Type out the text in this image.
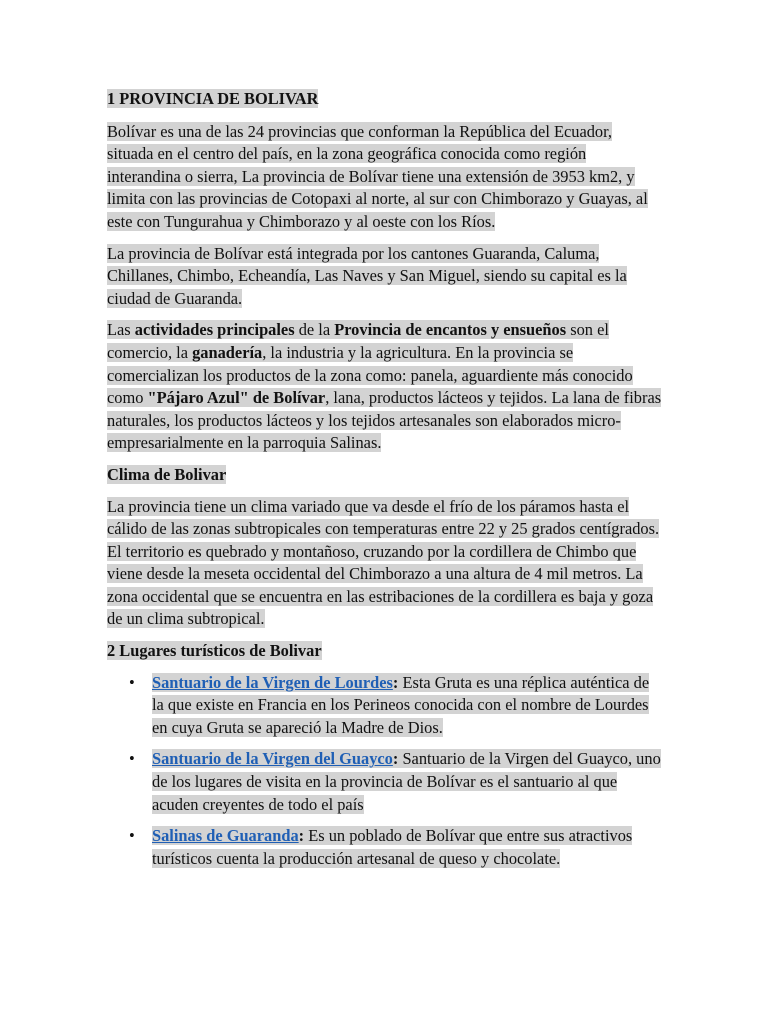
1 PROVINCIA DE BOLIVAR

Bolívar es una de las 24 provincias que conforman la República del Ecuador, situada en el centro del país, en la zona geográfica conocida como región interandina o sierra, La provincia de Bolívar tiene una extensión de 3953 km2, y limita con las provincias de Cotopaxi al norte, al sur con Chimborazo y Guayas, al este con Tungurahua y Chimborazo y al oeste con los Ríos.

La provincia de Bolívar está integrada por los cantones Guaranda, Caluma, Chillanes, Chimbo, Echeandía, Las Naves y San Miguel, siendo su capital es la ciudad de Guaranda.

Las actividades principales de la Provincia de encantos y ensueños son el comercio, la ganadería, la industria y la agricultura. En la provincia se comercializan los productos de la zona como: panela, aguardiente más conocido como "Pájaro Azul" de Bolívar, lana, productos lácteos y tejidos. La lana de fibras naturales, los productos lácteos y los tejidos artesanales son elaborados micro-empresarialmente en la parroquia Salinas.

Clima de Bolivar

La provincia tiene un clima variado que va desde el frío de los páramos hasta el cálido de las zonas subtropicales con temperaturas entre 22 y 25 grados centígrados. El territorio es quebrado y montañoso, cruzando por la cordillera de Chimbo que viene desde la meseta occidental del Chimborazo a una altura de 4 mil metros. La zona occidental que se encuentra en las estribaciones de la cordillera es baja y goza de un clima subtropical.

2 Lugares turísticos de Bolivar
• Santuario de la Virgen de Lourdes: Esta Gruta es una réplica auténtica de la que existe en Francia en los Perineos conocida con el nombre de Lourdes en cuya Gruta se apareció la Madre de Dios.
• Santuario de la Virgen del Guayco: Santuario de la Virgen del Guayco, uno de los lugares de visita en la provincia de Bolívar es el santuario al que acuden creyentes de todo el país
• Salinas de Guaranda: Es un poblado de Bolívar que entre sus atractivos turísticos cuenta la producción artesanal de queso y chocolate.
